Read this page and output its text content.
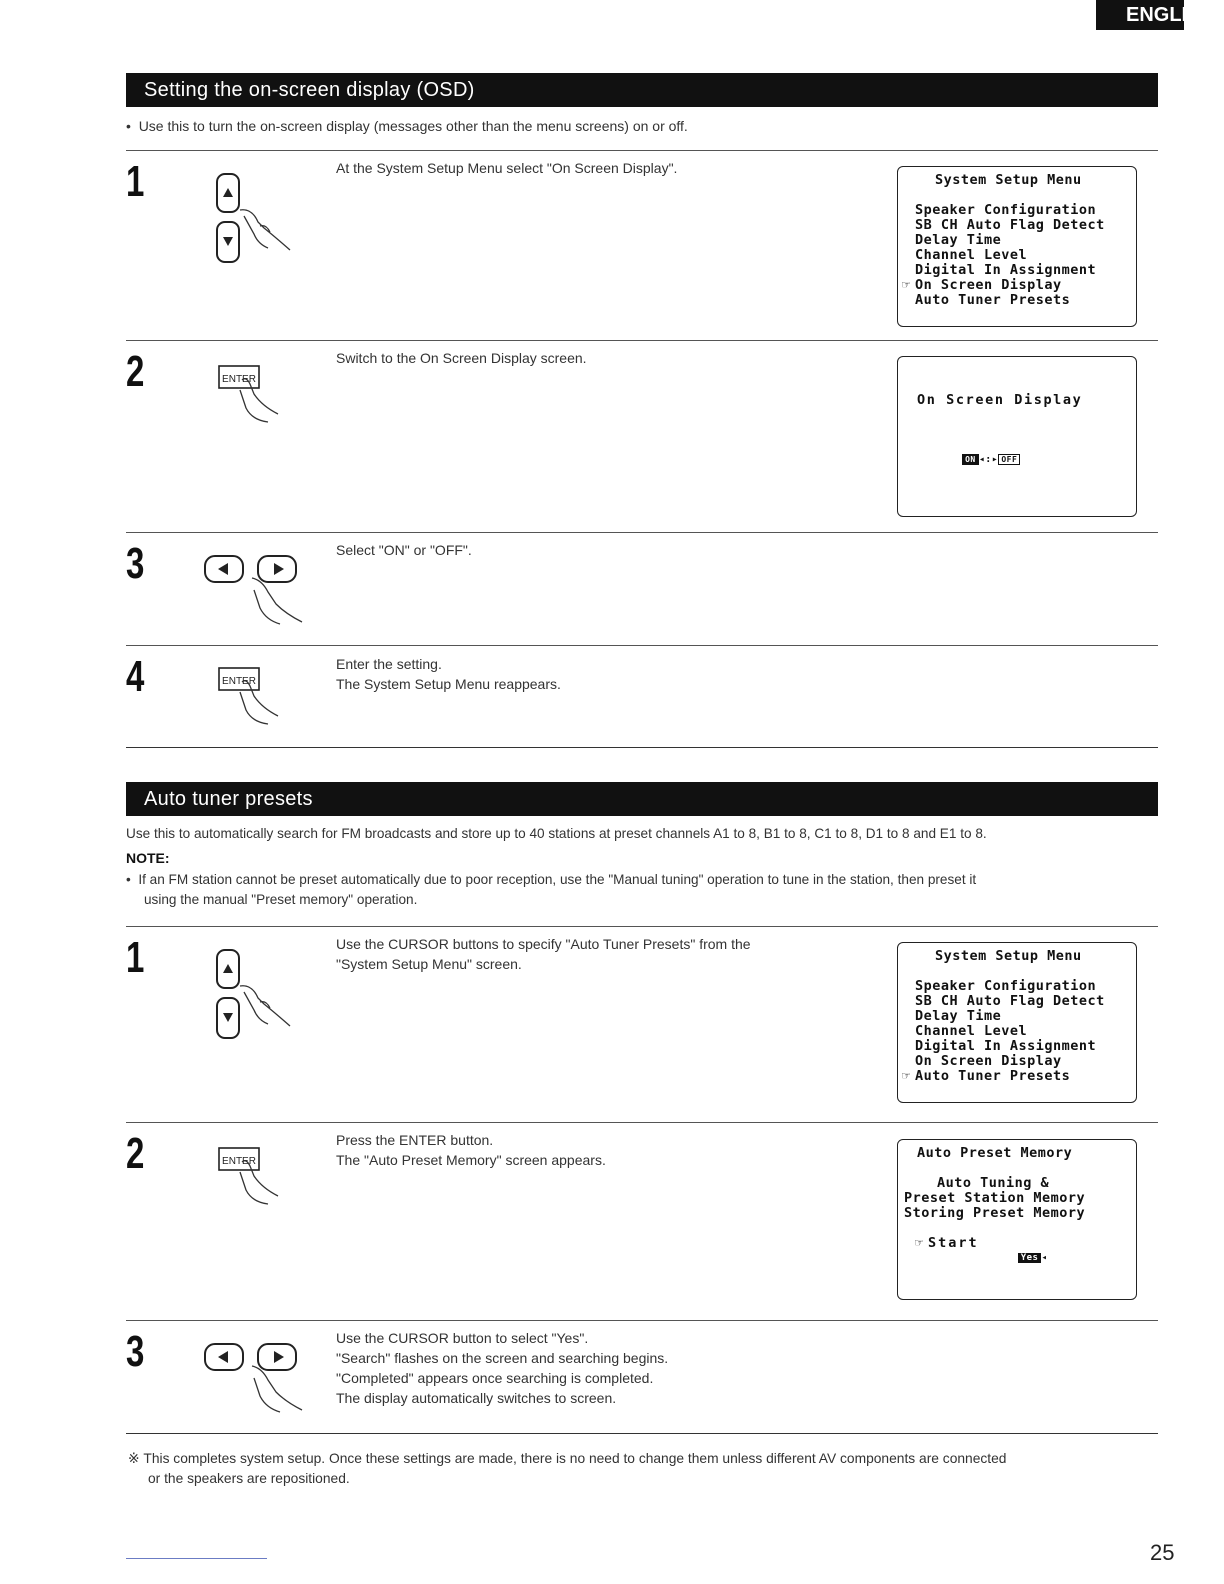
ENGLISH
Setting the on-screen display (OSD)
•  Use this to turn the on-screen display (messages other than the menu screens) on or off.
1	At the System Setup Menu select "On Screen Display".

System Setup Menu

Speaker Configuration

SB CH Auto Flag Detect

Delay Time

Channel Level

Digital In Assignment

☞

On Screen Display

Auto Tuner Presets

2	ENTER
Switch to the On Screen Display screen.

On Screen Display

ON ◂:▸ OFF

3	Select "ON" or "OFF".
4	ENTER
Enter the setting.
The System Setup Menu reappears.
Auto tuner presets
Use this to automatically search for FM broadcasts and store up to 40 stations at preset channels A1 to 8, B1 to 8, C1 to 8, D1 to 8 and E1 to 8.
NOTE:
•  If an FM station cannot be preset automatically due to poor reception, use the "Manual tuning" operation to tune in the station, then preset it
using the manual "Preset memory" operation.
1	Use the CURSOR buttons to specify "Auto Tuner Presets" from the
"System Setup Menu" screen.

	System Setup Menu

Speaker Configuration

SB CH Auto Flag Detect

Delay Time

Channel Level

Digital In Assignment

On Screen Display

☞

Auto Tuner Presets

2	ENTER
Press the ENTER button.
The "Auto Preset Memory" screen appears.

	Auto Preset Memory

Auto Tuning &

Preset Station Memory

Storing Preset Memory

☞

Start

Yes ◂

3	Use the CURSOR button to select "Yes".
"Search" flashes on the screen and searching begins.
"Completed" appears once searching is completed.
The display automatically switches to screen.
※ This completes system setup. Once these settings are made, there is no need to change them unless different AV components are connected
or the speakers are repositioned.
25
